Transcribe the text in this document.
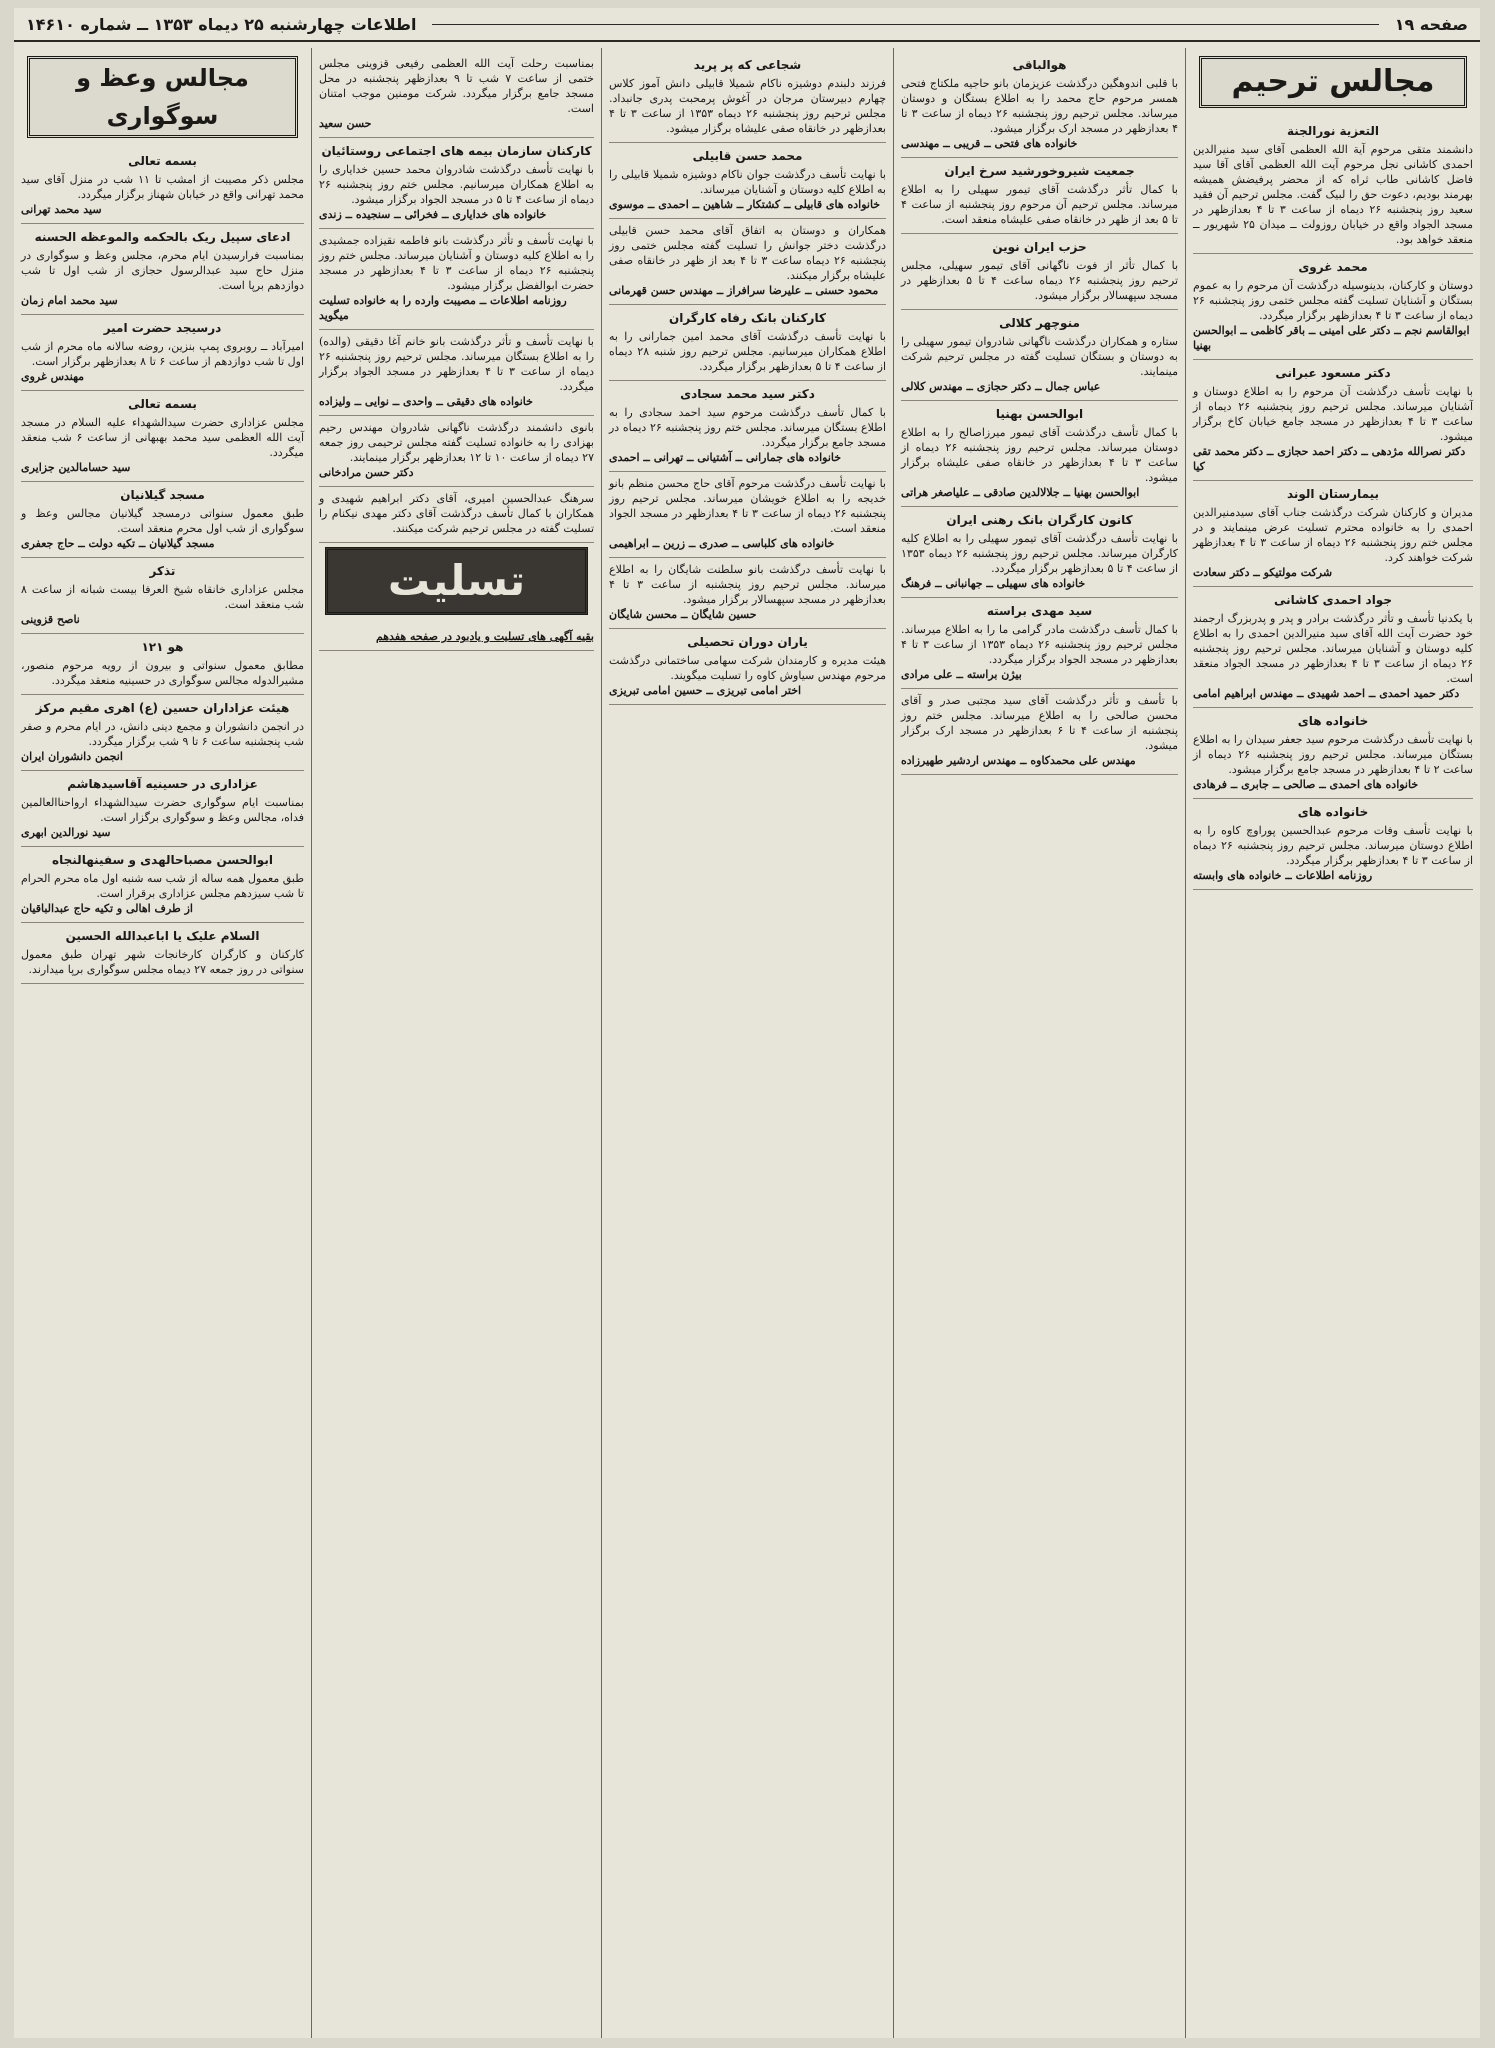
صفحه ۱۹
اطلاعات چهارشنبه ۲۵ دیماه ۱۳۵۳ ــ شماره ۱۴۶۱۰
مجالس ترحیم
التعزیة نورالجنة

دانشمند متقی مرحوم آیة الله العظمی آقای سید منیرالدین احمدی کاشانی نجل مرحوم آیت الله العظمی آقای آقا سید فاضل کاشانی طاب ثراه که از محضر پرفیضش همیشه بهرمند بودیم، دعوت حق را لبیک گفت. مجلس ترحیم آن فقید سعید روز پنجشنبه ۲۶ دیماه از ساعت ۳ تا ۴ بعدازظهر در مسجد الجواد واقع در خیابان روزولت ــ میدان ۲۵ شهریور ــ منعقد خواهد بود.

محمد غروی

دوستان و کارکنان، بدینوسیله درگذشت آن مرحوم را به عموم بستگان و آشنایان تسلیت گفته مجلس ختمی روز پنجشنبه ۲۶ دیماه از ساعت ۳ تا ۴ بعدازظهر برگزار میگردد.

ابوالقاسم نجم ــ دکتر علی امینی ــ باقر کاظمی ــ ابوالحسن بهنیا

دکتر مسعود عبرانی

با نهایت تأسف درگذشت آن مرحوم را به اطلاع دوستان و آشنایان میرساند. مجلس ترحیم روز پنجشنبه ۲۶ دیماه از ساعت ۳ تا ۴ بعدازظهر در مسجد جامع خیابان کاخ برگزار میشود.

دکتر نصرالله مژدهی ــ دکتر احمد حجازی ــ دکتر محمد تقی کیا

بیمارستان الوند

مدیران و کارکنان شرکت درگذشت جناب آقای سیدمنیرالدین احمدی را به خانواده محترم تسلیت عرض مینمایند و در مجلس ختم روز پنجشنبه ۲۶ دیماه از ساعت ۳ تا ۴ بعدازظهر شرکت خواهند کرد.

شرکت مولتیکو ــ دکتر سعادت

جواد احمدی کاشانی

با یکدنیا تأسف و تأثر درگذشت برادر و پدر و پدربزرگ ارجمند خود حضرت آیت الله آقای سید منیرالدین احمدی را به اطلاع کلیه دوستان و آشنایان میرساند. مجلس ترحیم روز پنجشنبه ۲۶ دیماه از ساعت ۳ تا ۴ بعدازظهر در مسجد الجواد منعقد است.

دکتر حمید احمدی ــ احمد شهیدی ــ مهندس ابراهیم امامی

خانواده های

با نهایت تأسف درگذشت مرحوم سید جعفر سیدان را به اطلاع بستگان میرساند. مجلس ترحیم روز پنجشنبه ۲۶ دیماه از ساعت ۲ تا ۴ بعدازظهر در مسجد جامع برگزار میشود.

خانواده های احمدی ــ صالحی ــ جابری ــ فرهادی

خانواده های

با نهایت تأسف وفات مرحوم عبدالحسین پوراوچ کاوه را به اطلاع دوستان میرساند. مجلس ترحیم روز پنجشنبه ۲۶ دیماه از ساعت ۳ تا ۴ بعدازظهر برگزار میگردد.

روزنامه اطلاعات ــ خانواده های وابسته

هوالباقی

با قلبی اندوهگین درگذشت عزیزمان بانو حاجیه ملکتاج فتحی همسر مرحوم حاج محمد را به اطلاع بستگان و دوستان میرساند. مجلس ترحیم روز پنجشنبه ۲۶ دیماه از ساعت ۳ تا ۴ بعدازظهر در مسجد ارک برگزار میشود.

خانواده های فتحی ــ قریبی ــ مهندسی

جمعیت شیروخورشید سرخ ایران

با کمال تأثر درگذشت آقای تیمور سهیلی را به اطلاع میرساند. مجلس ترحیم آن مرحوم روز پنجشنبه از ساعت ۴ تا ۵ بعد از ظهر در خانقاه صفی علیشاه منعقد است.

حزب ایران نوین

با کمال تأثر از فوت ناگهانی آقای تیمور سهیلی، مجلس ترحیم روز پنجشنبه ۲۶ دیماه ساعت ۴ تا ۵ بعدازظهر در مسجد سپهسالار برگزار میشود.

منوچهر کلالی

ستاره و همکاران درگذشت ناگهانی شادروان تیمور سهیلی را به دوستان و بستگان تسلیت گفته در مجلس ترحیم شرکت مینمایند.

عباس جمال ــ دکتر حجازی ــ مهندس کلالی

ابوالحسن بهنیا

با کمال تأسف درگذشت آقای تیمور میرزاصالح را به اطلاع دوستان میرساند. مجلس ترحیم روز پنجشنبه ۲۶ دیماه از ساعت ۳ تا ۴ بعدازظهر در خانقاه صفی علیشاه برگزار میشود.

ابوالحسن بهنیا ــ جلالالدین صادقی ــ علیاصغر هراتی

کانون کارگران بانک رهنی ایران

با نهایت تأسف درگذشت آقای تیمور سهیلی را به اطلاع کلیه کارگران میرساند. مجلس ترحیم روز پنجشنبه ۲۶ دیماه ۱۳۵۳ از ساعت ۴ تا ۵ بعدازظهر برگزار میگردد.

خانواده های سهیلی ــ جهانبانی ــ فرهنگ

سید مهدی براسته

با کمال تأسف درگذشت مادر گرامی ما را به اطلاع میرساند. مجلس ترحیم روز پنجشنبه ۲۶ دیماه ۱۳۵۳ از ساعت ۳ تا ۴ بعدازظهر در مسجد الجواد برگزار میگردد.

بیژن براسته ــ علی مرادی

با تأسف و تأثر درگذشت آقای سید مجتبی صدر و آقای محسن صالحی را به اطلاع میرساند. مجلس ختم روز پنجشنبه از ساعت ۴ تا ۶ بعدازظهر در مسجد ارک برگزار میشود.

مهندس علی محمدکاوه ــ مهندس اردشیر طهیرزاده

شجاعی که پر پرید

فرزند دلبندم دوشیزه ناکام شمیلا قابیلی دانش آموز کلاس چهارم دبیرستان مرجان در آغوش پرمحبت پدری جانبداد. مجلس ترحیم روز پنجشنبه ۲۶ دیماه ۱۳۵۳ از ساعت ۳ تا ۴ بعدازظهر در خانقاه صفی علیشاه برگزار میشود.

محمد حسن قابیلی

با نهایت تأسف درگذشت جوان ناکام دوشیزه شمیلا قابیلی را به اطلاع کلیه دوستان و آشنایان میرساند.

خانواده های قابیلی ــ کشتکار ــ شاهین ــ احمدی ــ موسوی

همکاران و دوستان به اتفاق آقای محمد حسن قابیلی درگذشت دختر جوانش را تسلیت گفته مجلس ختمی روز پنجشنبه ۲۶ دیماه ساعت ۳ تا ۴ بعد از ظهر در خانقاه صفی علیشاه برگزار میکنند.

محمود حسنی ــ علیرضا سرافراز ــ مهندس حسن قهرمانی

کارکنان بانک رفاه کارگران

با نهایت تأسف درگذشت آقای محمد امین جمارانی را به اطلاع همکاران میرسانیم. مجلس ترحیم روز شنبه ۲۸ دیماه از ساعت ۴ تا ۵ بعدازظهر برگزار میگردد.

دکتر سید محمد سجادی

با کمال تأسف درگذشت مرحوم سید احمد سجادی را به اطلاع بستگان میرساند. مجلس ختم روز پنجشنبه ۲۶ دیماه در مسجد جامع برگزار میگردد.

خانواده های جمارانی ــ آشتیانی ــ تهرانی ــ احمدی

با نهایت تأسف درگذشت مرحوم آقای حاج محسن منظم بانو خدیجه را به اطلاع خویشان میرساند. مجلس ترحیم روز پنجشنبه ۲۶ دیماه از ساعت ۳ تا ۴ بعدازظهر در مسجد الجواد منعقد است.

خانواده های کلباسی ــ صدری ــ زرین ــ ابراهیمی

با نهایت تأسف درگذشت بانو سلطنت شایگان را به اطلاع میرساند. مجلس ترحیم روز پنجشنبه از ساعت ۳ تا ۴ بعدازظهر در مسجد سپهسالار برگزار میشود.

حسین شایگان ــ محسن شایگان

یاران دوران تحصیلی

هیئت مدیره و کارمندان شرکت سهامی ساختمانی درگذشت مرحوم مهندس سیاوش کاوه را تسلیت میگویند.

اختر امامی تبریزی ــ حسین امامی تبریزی

بمناسبت رحلت آیت الله العظمی رفیعی قزوینی مجلس ختمی از ساعت ۷ شب تا ۹ بعدازظهر پنجشنبه در محل مسجد جامع برگزار میگردد. شرکت مومنین موجب امتنان است.

حسن سعید

کارکنان سازمان بیمه های اجتماعی روستائیان

با نهایت تأسف درگذشت شادروان محمد حسین خدایاری را به اطلاع همکاران میرسانیم. مجلس ختم روز پنجشنبه ۲۶ دیماه از ساعت ۴ تا ۵ در مسجد الجواد برگزار میشود.

خانواده های خدایاری ــ فخرائی ــ سنجیده ــ زندی

با نهایت تأسف و تأثر درگذشت بانو فاطمه نقیزاده جمشیدی را به اطلاع کلیه دوستان و آشنایان میرساند. مجلس ختم روز پنجشنبه ۲۶ دیماه از ساعت ۳ تا ۴ بعدازظهر در مسجد حضرت ابوالفضل برگزار میشود.

روزنامه اطلاعات ــ مصیبت وارده را به خانواده تسلیت میگوید

با نهایت تأسف و تأثر درگذشت بانو خانم آغا دقیقی (والده) را به اطلاع بستگان میرساند. مجلس ترحیم روز پنجشنبه ۲۶ دیماه از ساعت ۳ تا ۴ بعدازظهر در مسجد الجواد برگزار میگردد.

خانواده های دقیقی ــ واحدی ــ نوایی ــ ولیزاده

بانوی دانشمند درگذشت ناگهانی شادروان مهندس رحیم بهزادی را به خانواده تسلیت گفته مجلس ترحیمی روز جمعه ۲۷ دیماه از ساعت ۱۰ تا ۱۲ بعدازظهر برگزار مینمایند.

دکتر حسن مرادخانی

سرهنگ عبدالحسین امیری، آقای دکتر ابراهیم شهیدی و همکاران با کمال تأسف درگذشت آقای دکتر مهدی نیکنام را تسلیت گفته در مجلس ترحیم شرکت میکنند.

تسلیت

بقیه آگهی های تسلیت و یادبود در صفحه هفدهم

مجالس وعظ و سوگواری
بسمه تعالی

مجلس ذکر مصیبت از امشب تا ۱۱ شب در منزل آقای سید محمد تهرانی واقع در خیابان شهناز برگزار میگردد.

سید محمد تهرانی

ادعای سپیل ریک بالحکمه والموعظه الحسنه

بمناسبت فرارسیدن ایام محرم، مجلس وعظ و سوگواری در منزل حاج سید عبدالرسول حجازی از شب اول تا شب دوازدهم برپا است.

سید محمد امام زمان

درسیجد حضرت امیر

امیرآباد ــ روبروی پمپ بنزین، روضه سالانه ماه محرم از شب اول تا شب دوازدهم از ساعت ۶ تا ۸ بعدازظهر برگزار است.

مهندس غروی

بسمه تعالی

مجلس عزاداری حضرت سیدالشهداء علیه السلام در مسجد آیت الله العظمی سید محمد بهبهانی از ساعت ۶ شب منعقد میگردد.

سید حسامالدین جزایری

مسجد گیلانیان

طبق معمول سنواتی درمسجد گیلانیان مجالس وعظ و سوگواری از شب اول محرم منعقد است.

مسجد گیلانیان ــ تکیه دولت ــ حاج جعفری

تذکر

مجلس عزاداری خانقاه شیخ العرفا بیست شبانه از ساعت ۸ شب منعقد است.

ناصح قزوینی

هو ۱۲۱

مطابق معمول سنواتی و بیرون از رویه مرحوم منصور، مشیرالدوله مجالس سوگواری در حسینیه منعقد میگردد.

هیئت عزاداران حسین (ع) اهری مقیم مرکز

در انجمن دانشوران و مجمع دینی دانش، در ایام محرم و صفر شب پنجشنبه ساعت ۶ تا ۹ شب برگزار میگردد.

انجمن دانشوران ایران

عزاداری در حسینیه آقاسیدهاشم

بمناسبت ایام سوگواری حضرت سیدالشهداء ارواحناالعالمین فداه، مجالس وعظ و سوگواری برگزار است.

سید نورالدین ابهری

ابوالحسن مصباحالهدی و سفینهالنجاه

طبق معمول همه ساله از شب سه شنبه اول ماه محرم الحرام تا شب سیزدهم مجلس عزاداری برقرار است.

از طرف اهالی و تکیه حاج عبدالباقیان

السلام علیک یا اباعبدالله الحسین

کارکنان و کارگران کارخانجات شهر تهران طبق معمول سنواتی در روز جمعه ۲۷ دیماه مجلس سوگواری برپا میدارند.
